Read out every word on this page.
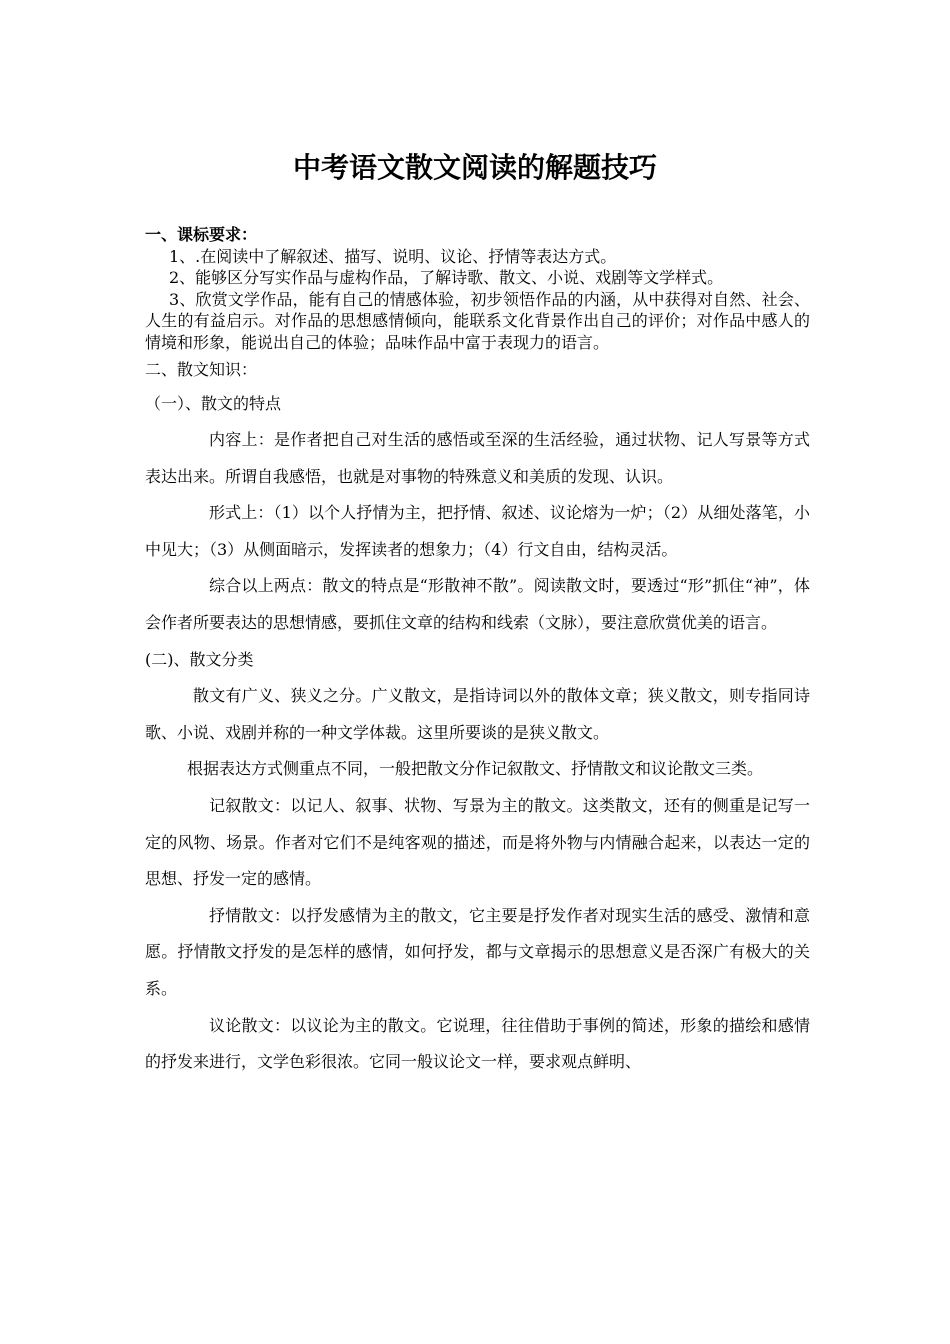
中考语文散文阅读的解题技巧

一、课标要求：

1、.在阅读中了解叙述、描写、说明、议论、抒情等表达方式。

2、能够区分写实作品与虚构作品，了解诗歌、散文、小说、戏剧等文学样式。

3、欣赏文学作品，能有自己的情感体验，初步领悟作品的内涵，从中获得对自然、社会、人生的有益启示。对作品的思想感情倾向，能联系文化背景作出自己的评价；对作品中感人的情境和形象，能说出自己的体验；品味作品中富于表现力的语言。

二、散文知识：

（一）、散文的特点

内容上：是作者把自己对生活的感悟或至深的生活经验，通过状物、记人写景等方式表达出来。所谓自我感悟，也就是对事物的特殊意义和美质的发现、认识。

形式上：（1）以个人抒情为主，把抒情、叙述、议论熔为一炉；（2）从细处落笔，小中见大；（3）从侧面暗示，发挥读者的想象力；（4）行文自由，结构灵活。

综合以上两点：散文的特点是“形散神不散”。阅读散文时，要透过“形”抓住“神”，体会作者所要表达的思想情感，要抓住文章的结构和线索（文脉），要注意欣赏优美的语言。

(二)、散文分类

散文有广义、狭义之分。广义散文，是指诗词以外的散体文章；狭义散文，则专指同诗歌、小说、戏剧并称的一种文学体裁。这里所要谈的是狭义散文。

根据表达方式侧重点不同，一般把散文分作记叙散文、抒情散文和议论散文三类。

记叙散文：以记人、叙事、状物、写景为主的散文。这类散文，还有的侧重是记写一定的风物、场景。作者对它们不是纯客观的描述，而是将外物与内情融合起来，以表达一定的思想、抒发一定的感情。

抒情散文：以抒发感情为主的散文，它主要是抒发作者对现实生活的感受、激情和意愿。抒情散文抒发的是怎样的感情，如何抒发，都与文章揭示的思想意义是否深广有极大的关系。

议论散文：以议论为主的散文。它说理，往往借助于事例的简述，形象的描绘和感情的抒发来进行，文学色彩很浓。它同一般议论文一样，要求观点鲜明、
